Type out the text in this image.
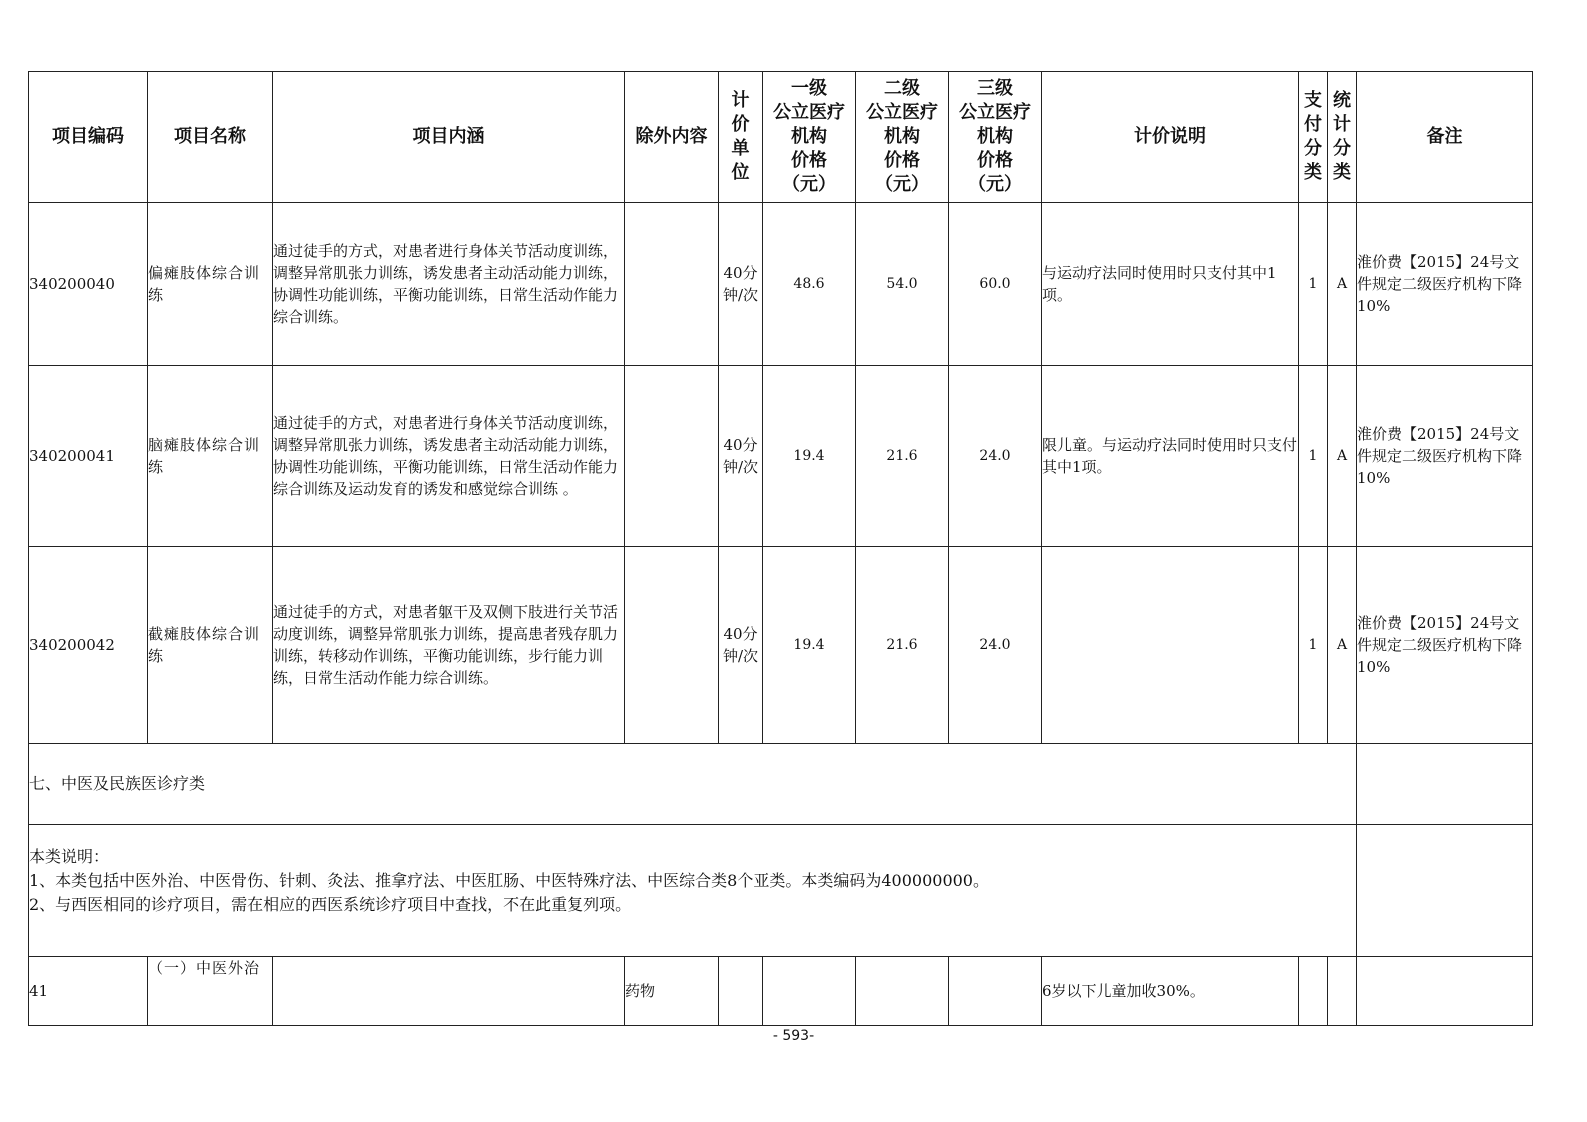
项目编码	项目名称	项目内涵	除外内容	计价单位	一级
公立医疗
机构
价格
（元）	二级
公立医疗
机构
价格
（元）	三级
公立医疗
机构
价格
（元）	计价说明	支付分类	统计分类	备注
340200040	偏瘫肢体综合训练	通过徒手的方式，对患者进行身体关节活动度训练，调整异常肌张力训练，诱发患者主动活动能力训练，协调性功能训练，平衡功能训练，日常生活动作能力综合训练。		40分钟/次	48.6	54.0	60.0	与运动疗法同时使用时只支付其中1项。	1	A	淮价费【2015】24号文件规定二级医疗机构下降10%
340200041	脑瘫肢体综合训练	通过徒手的方式，对患者进行身体关节活动度训练，调整异常肌张力训练，诱发患者主动活动能力训练，协调性功能训练，平衡功能训练，日常生活动作能力综合训练及运动发育的诱发和感觉综合训练 。		40分钟/次	19.4	21.6	24.0	限儿童。与运动疗法同时使用时只支付其中1项。	1	A	淮价费【2015】24号文件规定二级医疗机构下降10%
340200042	截瘫肢体综合训练	通过徒手的方式，对患者躯干及双侧下肢进行关节活动度训练，调整异常肌张力训练，提高患者残存肌力训练，转移动作训练，平衡功能训练，步行能力训练，日常生活动作能力综合训练。		40分钟/次	19.4	21.6	24.0		1	A	淮价费【2015】24号文件规定二级医疗机构下降10%
七、中医及民族医诊疗类											

本类说明：
1、本类包括中医外治、中医骨伤、针刺、灸法、推拿疗法、中医肛肠、中医特殊疗法、中医综合类8个亚类。本类编码为400000000。
2、与西医相同的诊疗项目，需在相应的西医系统诊疗项目中查找，不在此重复列项。											

41	（一）中医外治		药物					6岁以下儿童加收30%。			
- 593-
